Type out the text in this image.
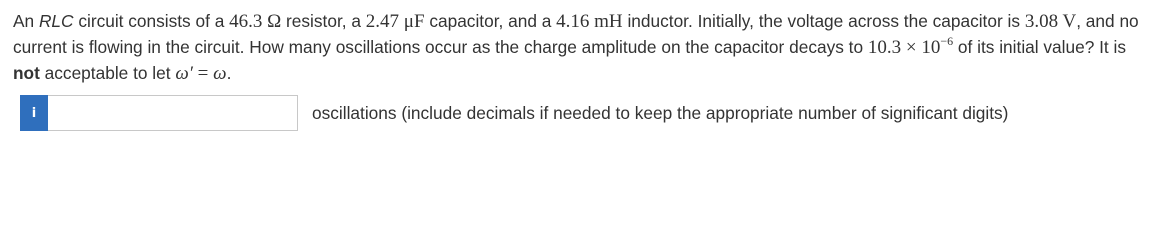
An RLC circuit consists of a 46.3 Ω resistor, a 2.47 μF capacitor, and a 4.16 mH inductor. Initially, the voltage across the capacitor is 3.08 V, and no current is flowing in the circuit. How many oscillations occur as the charge amplitude on the capacitor decays to $10.3 \times 10^{-6}$ of its initial value? It is not acceptable to let ω′ = ω.
i	oscillations (include decimals if needed to keep the appropriate number of significant digits)
